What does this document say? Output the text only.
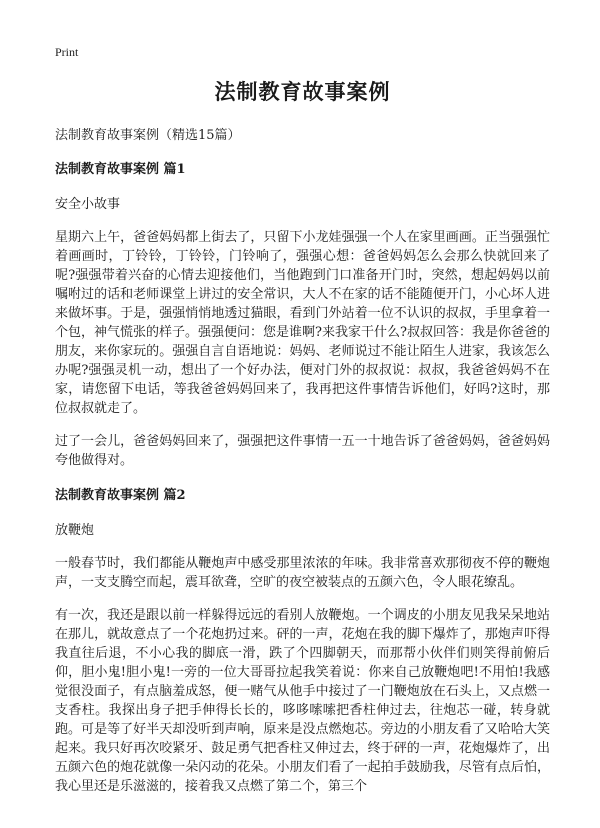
Print
法制教育故事案例
法制教育故事案例（精选15篇）
法制教育故事案例 篇1
安全小故事

星期六上午，爸爸妈妈都上街去了，只留下小龙娃强强一个人在家里画画。正当强强忙着画画时，丁铃铃，丁铃铃，门铃响了，强强心想：爸爸妈妈怎么会那么快就回来了呢?强强带着兴奋的心情去迎接他们，当他跑到门口准备开门时，突然，想起妈妈以前嘱咐过的话和老师课堂上讲过的安全常识，大人不在家的话不能随便开门，小心坏人进来做坏事。于是，强强悄悄地透过猫眼，看到门外站着一位不认识的叔叔，手里拿着一个包，神气慌张的样子。强强便问：您是谁啊?来我家干什么?叔叔回答：我是你爸爸的朋友，来你家玩的。强强自言自语地说：妈妈、老师说过不能让陌生人进家，我该怎么办呢?强强灵机一动，想出了一个好办法，便对门外的叔叔说：叔叔，我爸爸妈妈不在家，请您留下电话，等我爸爸妈妈回来了，我再把这件事情告诉他们，好吗?这时，那位叔叔就走了。

过了一会儿，爸爸妈妈回来了，强强把这件事情一五一十地告诉了爸爸妈妈，爸爸妈妈夸他做得对。

法制教育故事案例 篇2
放鞭炮

一般春节时，我们都能从鞭炮声中感受那里浓浓的年味。我非常喜欢那彻夜不停的鞭炮声，一支支腾空而起，震耳欲聋，空旷的夜空被装点的五颜六色，令人眼花缭乱。

有一次，我还是跟以前一样躲得远远的看别人放鞭炮。一个调皮的小朋友见我呆呆地站在那儿，就故意点了一个花炮扔过来。砰的一声，花炮在我的脚下爆炸了，那炮声吓得我直往后退，不小心我的脚底一滑，跌了个四脚朝天，而那帮小伙伴们则笑得前俯后仰，胆小鬼!胆小鬼!一旁的一位大哥哥拉起我笑着说：你来自己放鞭炮吧!不用怕!我感觉很没面子，有点脑羞成怒，便一赌气从他手中接过了一门鞭炮放在石头上，又点燃一支香柱。我探出身子把手伸得长长的，哆哆嗦嗦把香柱伸过去，往炮芯一碰，转身就跑。可是等了好半天却没听到声响，原来是没点燃炮芯。旁边的小朋友看了又哈哈大笑起来。我只好再次咬紧牙、鼓足勇气把香柱又伸过去，终于砰的一声，花炮爆炸了，出五颜六色的炮花就像一朵闪动的花朵。小朋友们看了一起拍手鼓励我，尽管有点后怕，我心里还是乐滋滋的，接着我又点燃了第二个，第三个
